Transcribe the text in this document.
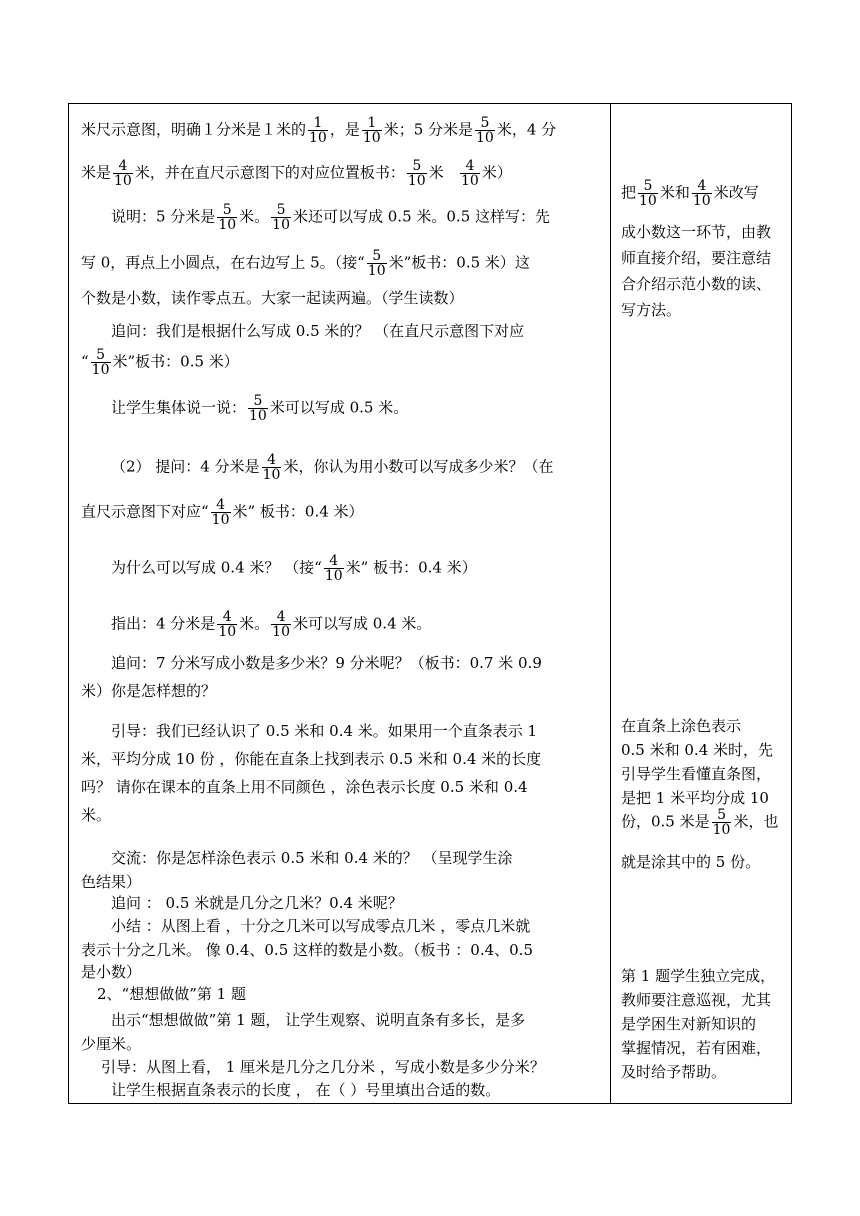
米尺示意图，明确１分米是１米的 $\frac{1}{10}$ ，是 $\frac{1}{10}$ 米；5 分米是 $\frac{5}{10}$ 米，4 分
米是 $\frac{4}{10}$ 米，并在直尺示意图下的对应位置板书： $\frac{5}{10}$ 米 $\frac{4}{10}$ 米）
说明：5 分米是 $\frac{5}{10}$ 米。 $\frac{5}{10}$ 米还可以写成 0.5 米。0.5 这样写：先
写 0，再点上小圆点，在右边写上 5。（接“ $\frac{5}{10}$ 米”板书：0.5 米）这
个数是小数，读作零点五。大家一起读两遍。（学生读数）
追问：我们是根据什么写成 0.5 米的？ （在直尺示意图下对应
“ $\frac{5}{10}$ 米”板书：0.5 米）
让学生集体说一说： $\frac{5}{10}$ 米可以写成 0.5 米。
（2） 提问：4 分米是 $\frac{4}{10}$ 米，你认为用小数可以写成多少米？（在
直尺示意图下对应“ $\frac{4}{10}$ 米” 板书：0.4 米）
为什么可以写成 0.4 米？ （接“ $\frac{4}{10}$ 米” 板书：0.4 米）
指出：4 分米是 $\frac{4}{10}$ 米。 $\frac{4}{10}$ 米可以写成 0.4 米。
追问：7 分米写成小数是多少米？9 分米呢？（板书：0.7 米 0.9
米）你是怎样想的？
引导：我们已经认识了 0.5 米和 0.4 米。如果用一个直条表示 1
米，平均分成 10 份 ，你能在直条上找到表示 0.5 米和 0.4 米的长度
吗？ 请你在课本的直条上用不同颜色 ，涂色表示长度 0.5 米和 0.4
米。
交流：你是怎样涂色表示 0.5 米和 0.4 米的？ （呈现学生涂
色结果）
追问 ： 0.5 米就是几分之几米？0.4 米呢？
小结 ：从图上看 ，十分之几米可以写成零点几米 ，零点几米就
表示十分之几米。 像 0.4、0.5 这样的数是小数。（板书 ：0.4、0.5
是小数）
2、“想想做做”第 1 题
出示“想想做做”第 1 题， 让学生观察、说明直条有多长，是多
少厘米。
引导：从图上看， 1 厘米是几分之几分米 ，写成小数是多少分米？
让学生根据直条表示的长度 ， 在（ ）号里填出合适的数。
把 $\frac{5}{10}$ 米和 $\frac{4}{10}$ 米改写
成小数这一环节，由教
师直接介绍，要注意结
合介绍示范小数的读、
写方法。
在直条上涂色表示
0.5 米和 0.4 米时，先
引导学生看懂直条图，
是把 1 米平均分成 10
份，0.5 米是 $\frac{5}{10}$ 米，也
就是涂其中的 5 份。
第 1 题学生独立完成，
教师要注意巡视，尤其
是学困生对新知识的
掌握情况，若有困难，
及时给予帮助。
